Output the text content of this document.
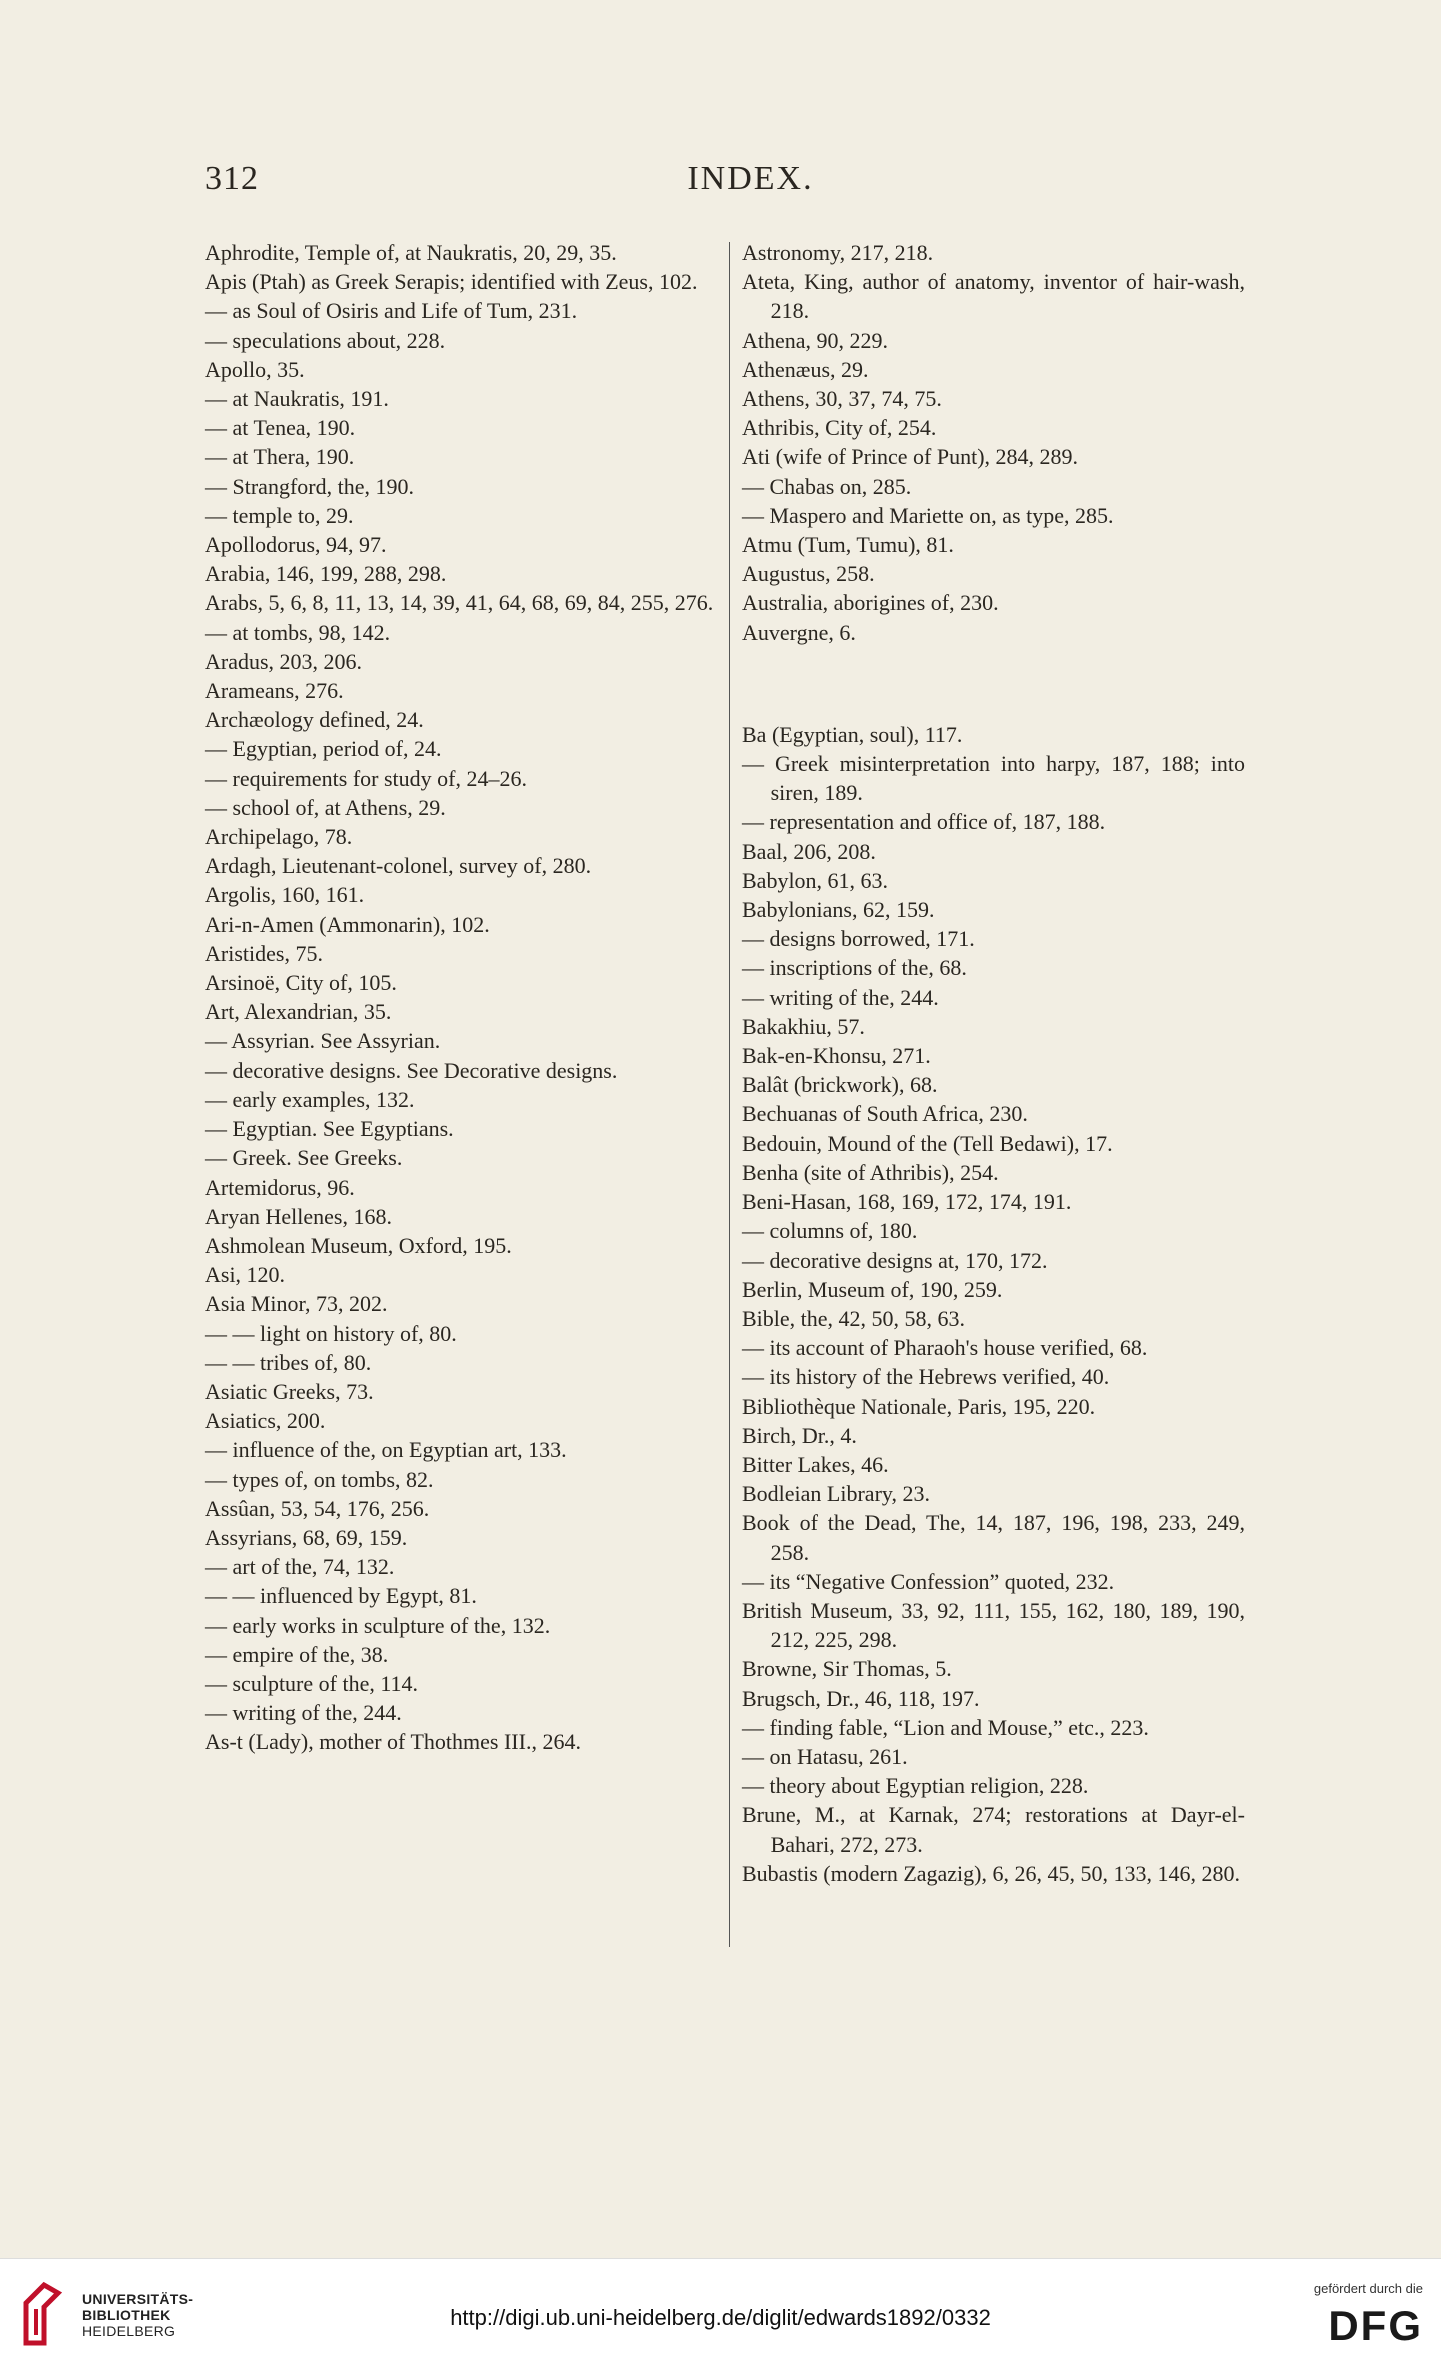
312	INDEX.

Aphrodite, Temple of, at Naukratis, 20, 29, 35.

Apis (Ptah) as Greek Serapis; identified with Zeus, 102.

— as Soul of Osiris and Life of Tum, 231.

— speculations about, 228.

Apollo, 35.

— at Naukratis, 191.

— at Tenea, 190.

— at Thera, 190.

— Strangford, the, 190.

— temple to, 29.

Apollodorus, 94, 97.

Arabia, 146, 199, 288, 298.

Arabs, 5, 6, 8, 11, 13, 14, 39, 41, 64, 68, 69, 84, 255, 276.

— at tombs, 98, 142.

Aradus, 203, 206.

Arameans, 276.

Archæology defined, 24.

— Egyptian, period of, 24.

— requirements for study of, 24–26.

— school of, at Athens, 29.

Archipelago, 78.

Ardagh, Lieutenant-colonel, survey of, 280.

Argolis, 160, 161.

Ari-n-Amen (Ammonarin), 102.

Aristides, 75.

Arsinoë, City of, 105.

Art, Alexandrian, 35.

— Assyrian. See Assyrian.

— decorative designs. See Decorative designs.

— early examples, 132.

— Egyptian. See Egyptians.

— Greek. See Greeks.

Artemidorus, 96.

Aryan Hellenes, 168.

Ashmolean Museum, Oxford, 195.

Asi, 120.

Asia Minor, 73, 202.

— — light on history of, 80.

— — tribes of, 80.

Asiatic Greeks, 73.

Asiatics, 200.

— influence of the, on Egyptian art, 133.

— types of, on tombs, 82.

Assûan, 53, 54, 176, 256.

Assyrians, 68, 69, 159.

— art of the, 74, 132.

— — influenced by Egypt, 81.

— early works in sculpture of the, 132.

— empire of the, 38.

— sculpture of the, 114.

— writing of the, 244.

As-t (Lady), mother of Thothmes III., 264.

Astronomy, 217, 218.

Ateta, King, author of anatomy, inventor of hair-wash, 218.

Athena, 90, 229.

Athenæus, 29.

Athens, 30, 37, 74, 75.

Athribis, City of, 254.

Ati (wife of Prince of Punt), 284, 289.

— Chabas on, 285.

— Maspero and Mariette on, as type, 285.

Atmu (Tum, Tumu), 81.

Augustus, 258.

Australia, aborigines of, 230.

Auvergne, 6.

Ba (Egyptian, soul), 117.

— Greek misinterpretation into harpy, 187, 188; into siren, 189.

— representation and office of, 187, 188.

Baal, 206, 208.

Babylon, 61, 63.

Babylonians, 62, 159.

— designs borrowed, 171.

— inscriptions of the, 68.

— writing of the, 244.

Bakakhiu, 57.

Bak-en-Khonsu, 271.

Balât (brickwork), 68.

Bechuanas of South Africa, 230.

Bedouin, Mound of the (Tell Bedawi), 17.

Benha (site of Athribis), 254.

Beni-Hasan, 168, 169, 172, 174, 191.

— columns of, 180.

— decorative designs at, 170, 172.

Berlin, Museum of, 190, 259.

Bible, the, 42, 50, 58, 63.

— its account of Pharaoh's house verified, 68.

— its history of the Hebrews verified, 40.

Bibliothèque Nationale, Paris, 195, 220.

Birch, Dr., 4.

Bitter Lakes, 46.

Bodleian Library, 23.

Book of the Dead, The, 14, 187, 196, 198, 233, 249, 258.

— its “Negative Confession” quoted, 232.

British Museum, 33, 92, 111, 155, 162, 180, 189, 190, 212, 225, 298.

Browne, Sir Thomas, 5.

Brugsch, Dr., 46, 118, 197.

— finding fable, “Lion and Mouse,” etc., 223.

— on Hatasu, 261.

— theory about Egyptian religion, 228.

Brune, M., at Karnak, 274; restorations at Dayr-el-Bahari, 272, 273.

Bubastis (modern Zagazig), 6, 26, 45, 50, 133, 146, 280.

UNIVERSITÄTS-
BIBLIOTHEK
HEIDELBERG
http://digi.ub.uni-heidelberg.de/diglit/edwards1892/0332
gefördert durch die
DFG
